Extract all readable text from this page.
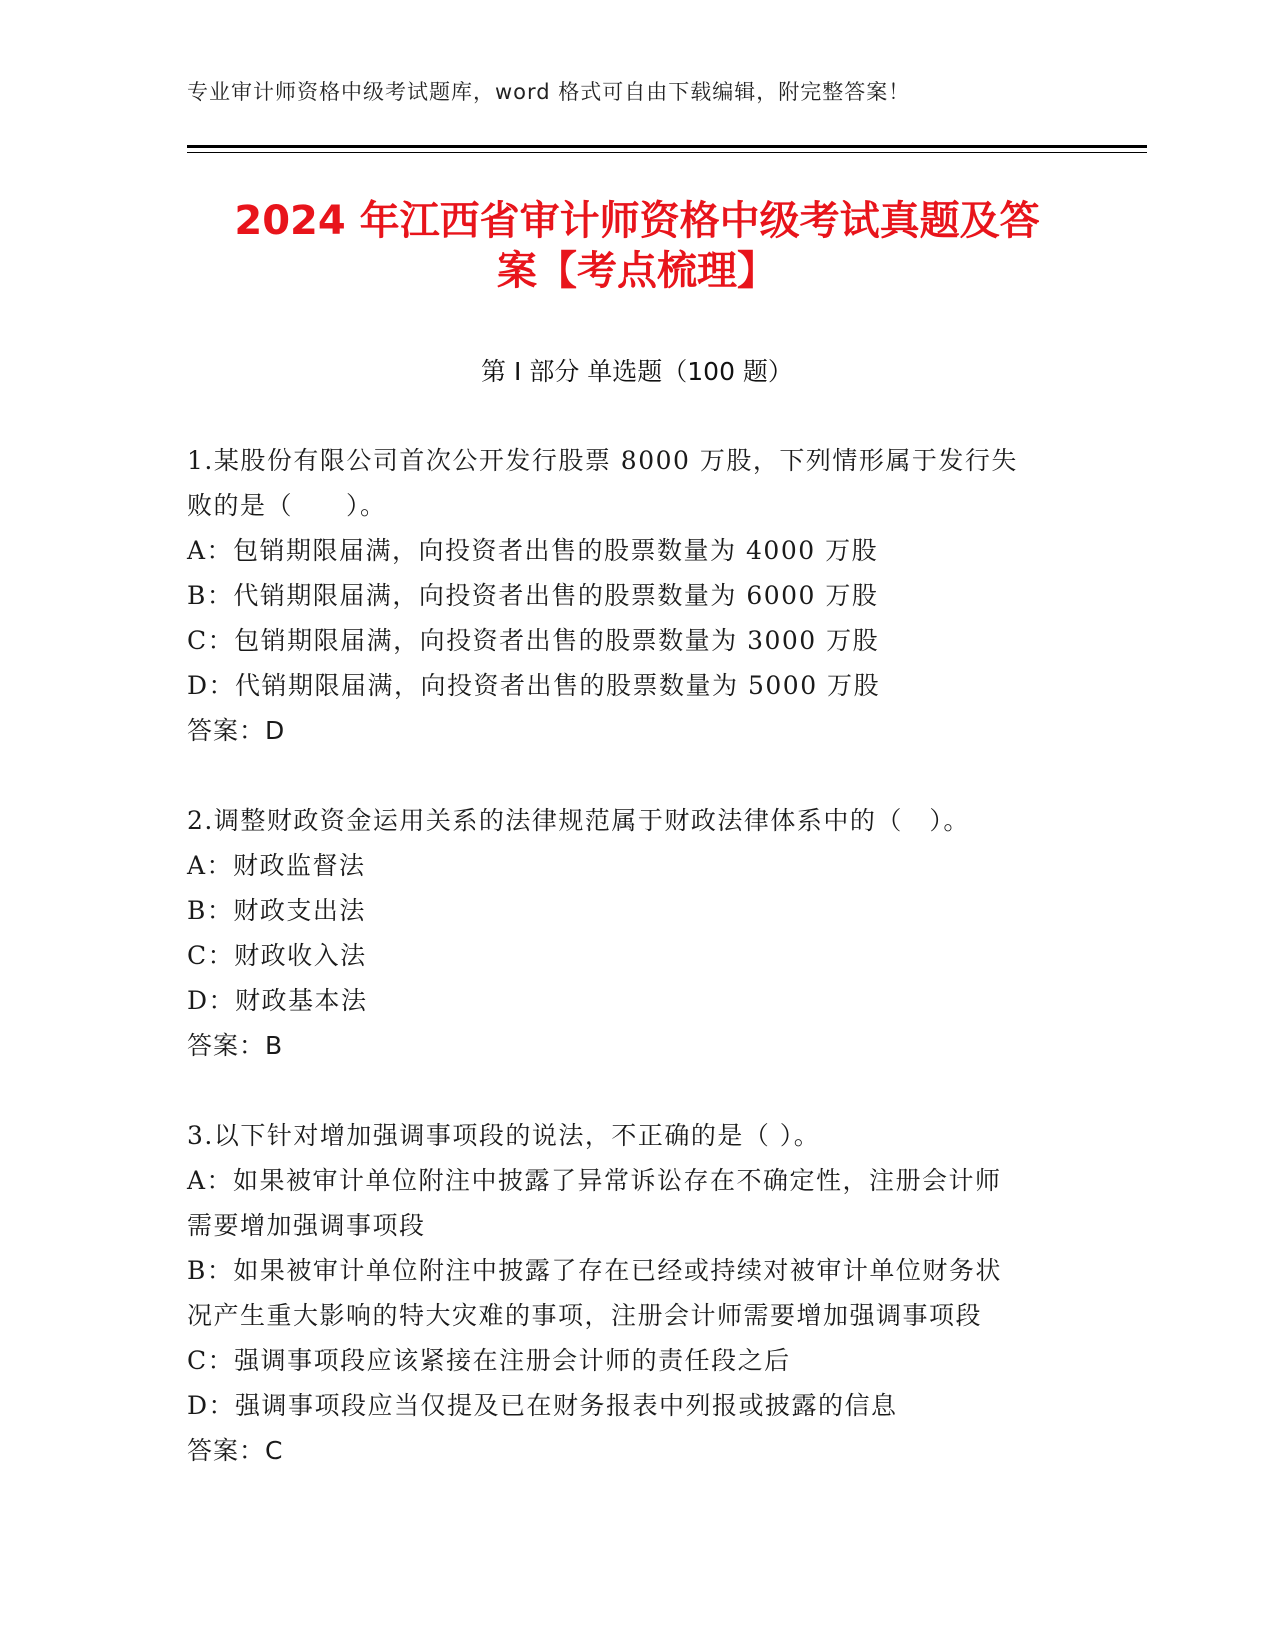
专业审计师资格中级考试题库，word 格式可自由下载编辑，附完整答案！
2024 年江西省审计师资格中级考试真题及答
案【考点梳理】
第 I 部分 单选题（100 题）

1.某股份有限公司首次公开发行股票 8000 万股，下列情形属于发行失

败的是（　　）。

A：包销期限届满，向投资者出售的股票数量为 4000 万股

B：代销期限届满，向投资者出售的股票数量为 6000 万股

C：包销期限届满，向投资者出售的股票数量为 3000 万股

D：代销期限届满，向投资者出售的股票数量为 5000 万股

答案：D

2.调整财政资金运用关系的法律规范属于财政法律体系中的（　）。

A：财政监督法

B：财政支出法

C：财政收入法

D：财政基本法

答案：B

3.以下针对增加强调事项段的说法，不正确的是（ ）。

A：如果被审计单位附注中披露了异常诉讼存在不确定性，注册会计师

需要增加强调事项段

B：如果被审计单位附注中披露了存在已经或持续对被审计单位财务状

况产生重大影响的特大灾难的事项，注册会计师需要增加强调事项段

C：强调事项段应该紧接在注册会计师的责任段之后

D：强调事项段应当仅提及已在财务报表中列报或披露的信息

答案：C
